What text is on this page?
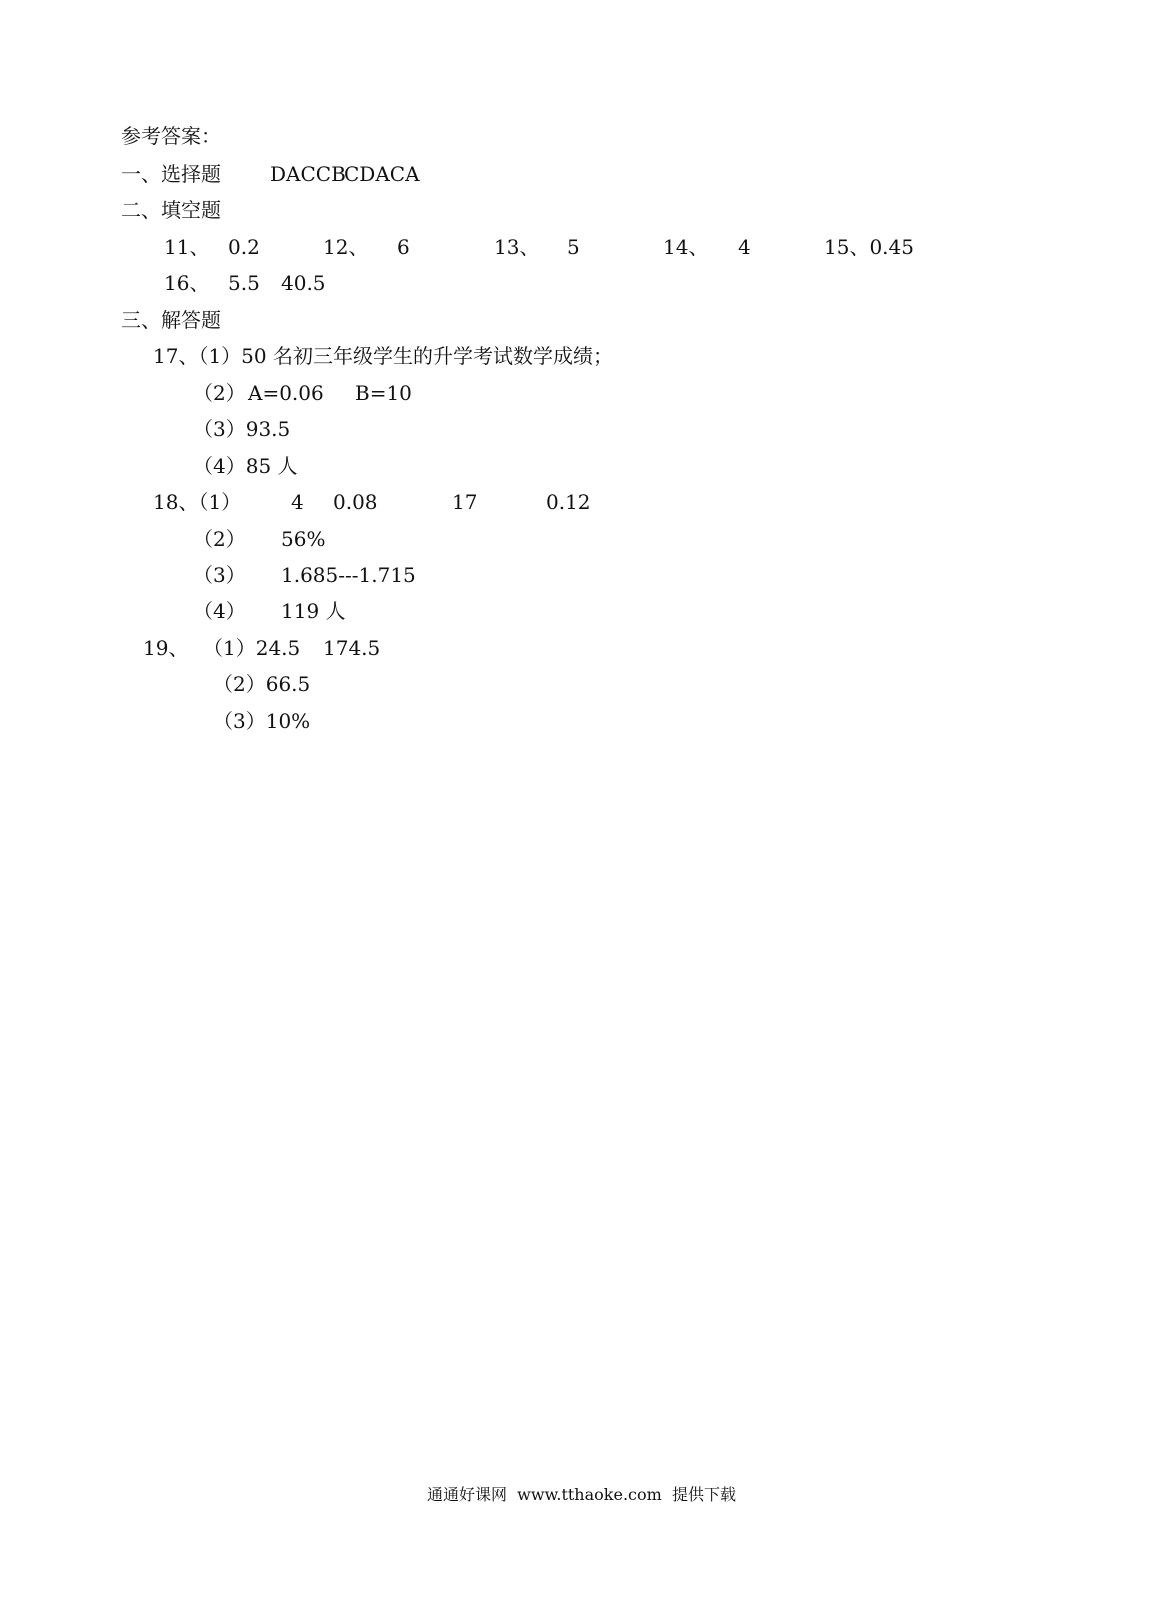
参考答案：
一、选择题 DACCB
CDACA
二、填空题
11、 0.2	12、 6	13、 5	14、 4	15、0.45
16、 5.5 40.5
三、解答题
17、（1）50 名初三年级学生的升学考试数学成绩；
（2） A=0.06 B=10
（3）93.5
（4）85 人
18、（1） 4 0.08	17	0.12
（2） 56%
（3） 1.685---1.715
（4） 119 人
19、 （1）24.5 174.5
（2）66.5
（3）10%
通通好课网  www.tthaoke.com  提供下载
